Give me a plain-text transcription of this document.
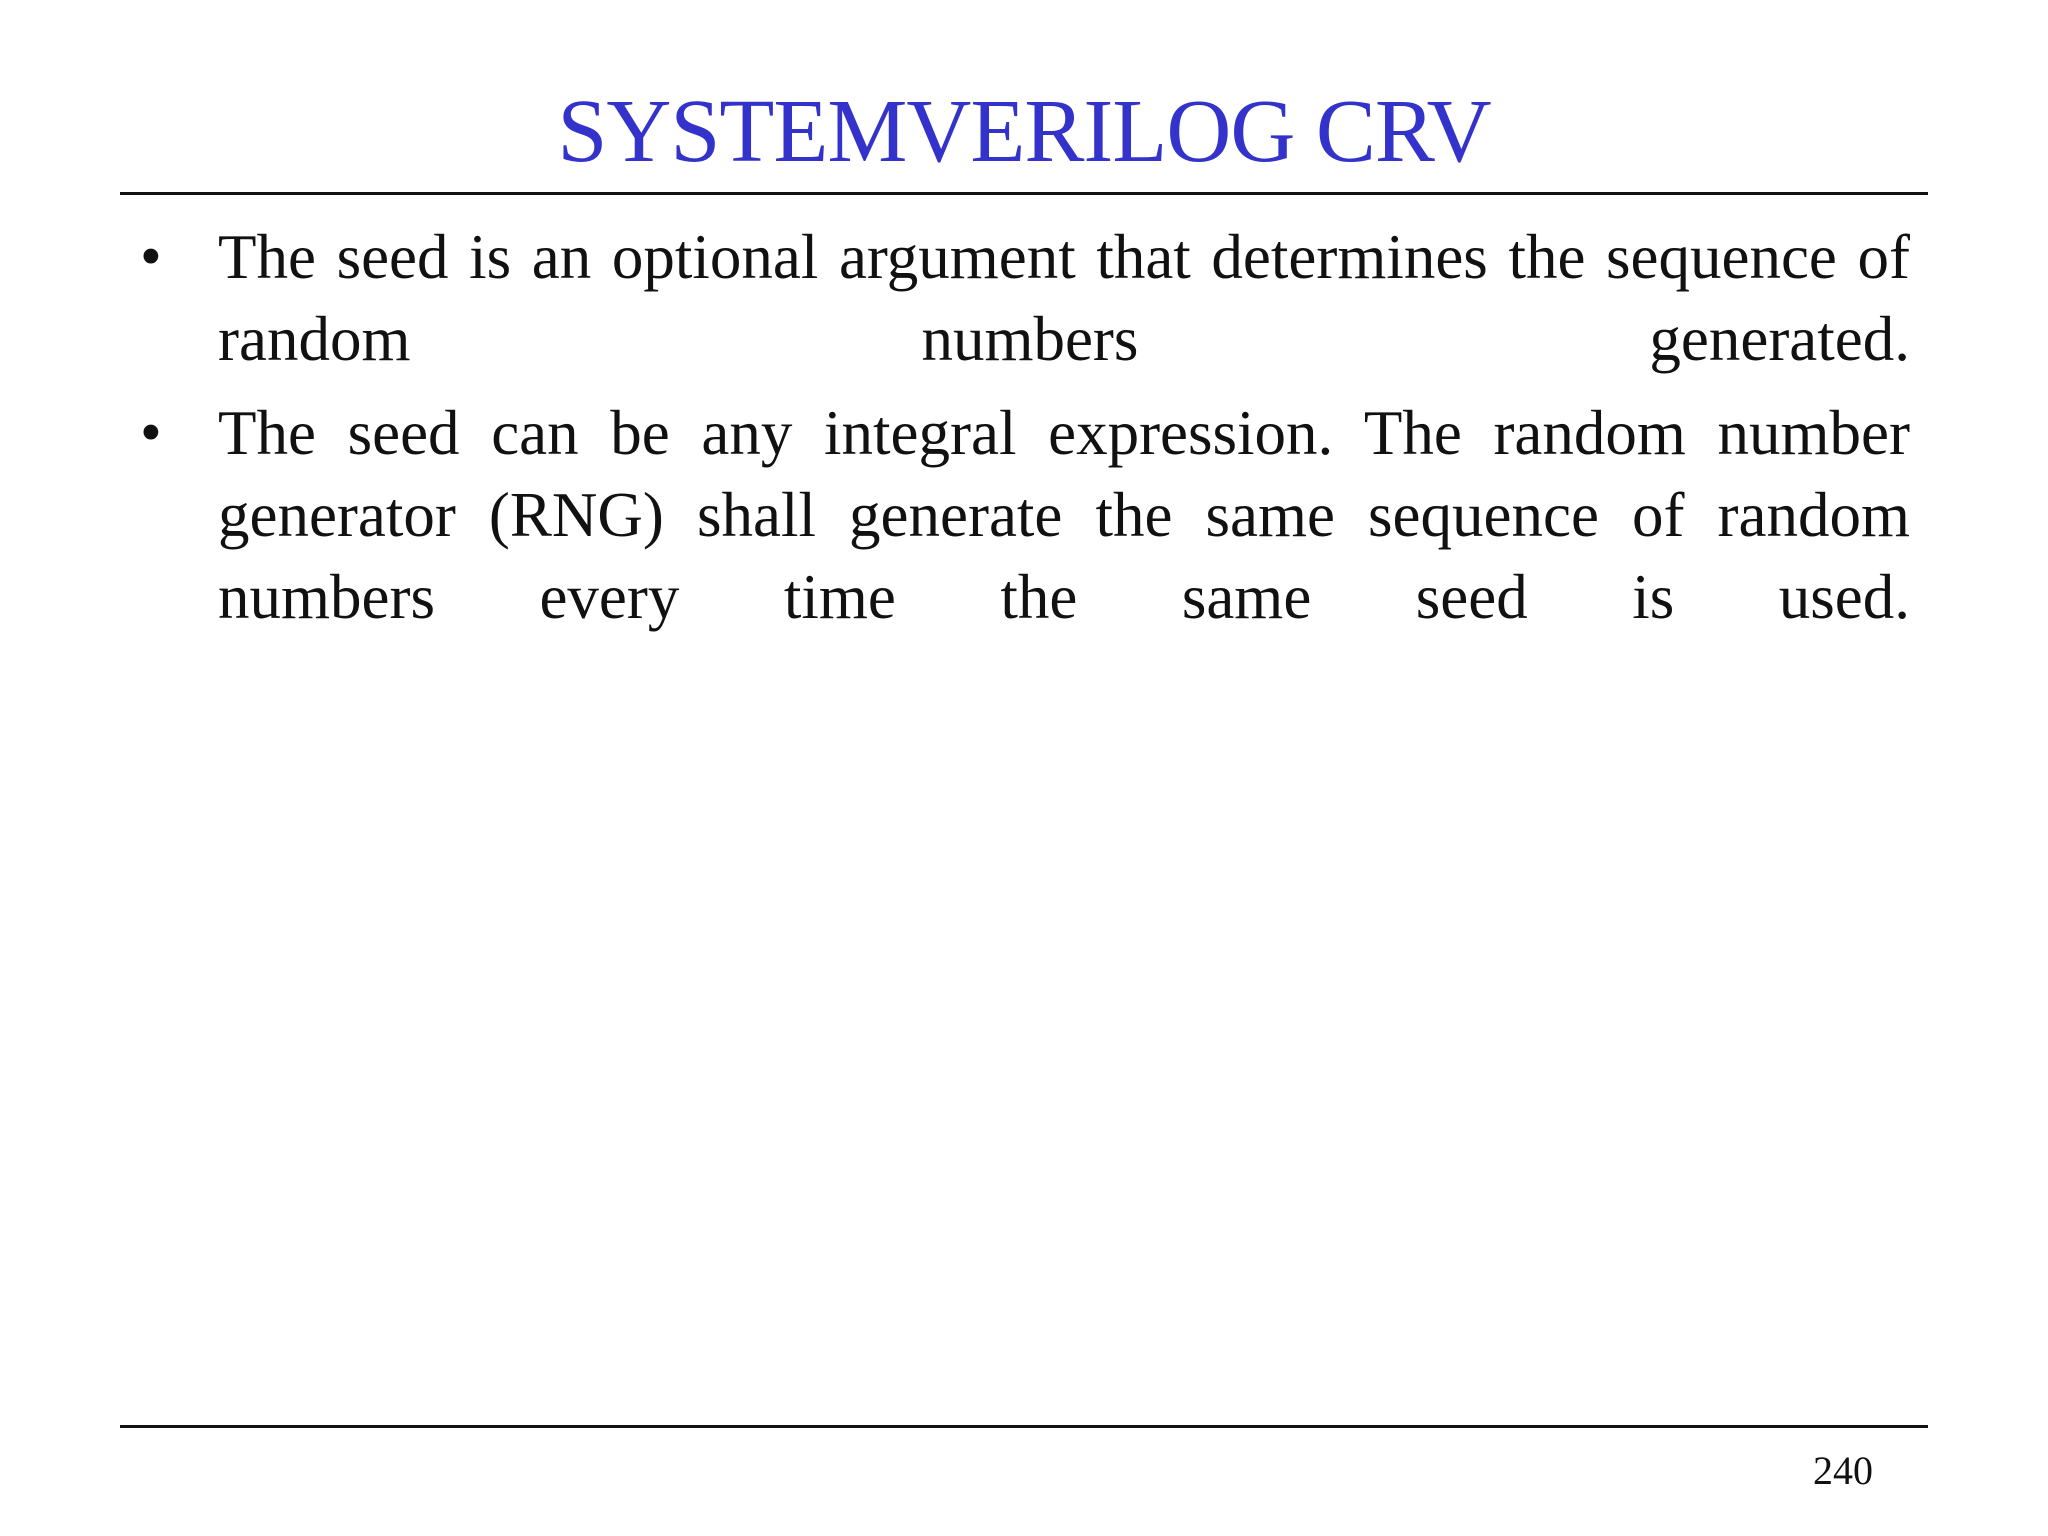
SYSTEMVERILOG CRV
• The seed is an optional argument that determines the sequence of random numbers generated.
• The seed can be any integral expression. The random number generator (RNG) shall generate the same sequence of random numbers every time the same seed is used.
240
